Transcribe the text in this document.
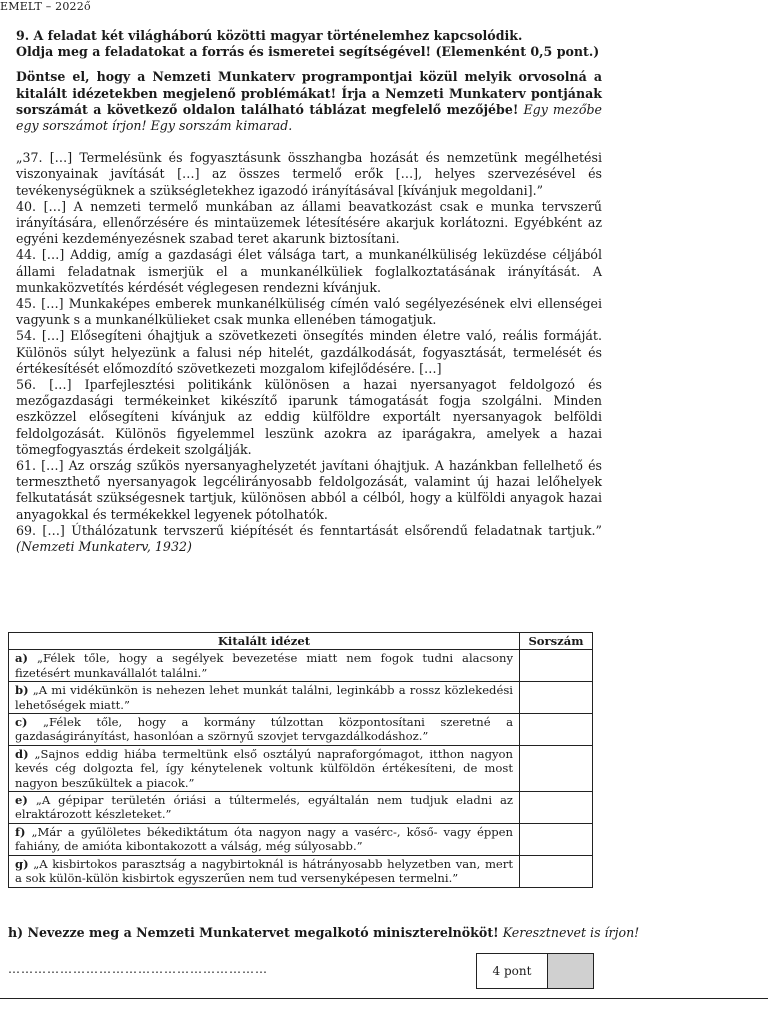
EMELT – 2022ő

9. A feladat két világháború közötti magyar történelemhez kapcsolódik.
Oldja meg a feladatokat a forrás és ismeretei segítségével! (Elemenként 0,5 pont.)

Döntse el, hogy a Nemzeti Munkaterv programpontjai közül melyik orvosolná a kitalált idézetekben megjelenő problémákat! Írja a Nemzeti Munkaterv pontjának sorszámát a következő oldalon található táblázat megfelelő mezőjébe! Egy mezőbe egy sorszámot írjon! Egy sorszám kimarad.

„37. […] Termelésünk és fogyasztásunk összhangba hozását és nemzetünk megélhetési viszonyainak javítását […] az összes termelő erők […], helyes szervezésével és tevékenységüknek a szükségletekhez igazodó irányításával [kívánjuk megoldani].”

40. […] A nemzeti termelő munkában az állami beavatkozást csak e munka tervszerű irányítására, ellenőrzésére és mintaüzemek létesítésére akarjuk korlátozni. Egyébként az egyéni kezdeményezésnek szabad teret akarunk biztosítani.

44. […] Addig, amíg a gazdasági élet válsága tart, a munkanélküliség leküzdése céljából állami feladatnak ismerjük el a munkanélküliek foglalkoztatásának irányítását. A munkaközvetítés kérdését véglegesen rendezni kívánjuk.

45. […] Munkaképes emberek munkanélküliség címén való segélyezésének elvi ellenségei vagyunk s a munkanélkülieket csak munka ellenében támogatjuk.

54. […] Elősegíteni óhajtjuk a szövetkezeti önsegítés minden életre való, reális formáját. Különös súlyt helyezünk a falusi nép hitelét, gazdálkodását, fogyasztását, termelését és értékesítését előmozdító szövetkezeti mozgalom kifejlődésére. […]

56. […] Iparfejlesztési politikánk különösen a hazai nyersanyagot feldolgozó és mezőgazdasági termékeinket kikészítő iparunk támogatását fogja szolgálni. Minden eszközzel elősegíteni kívánjuk az eddig külföldre exportált nyersanyagok belföldi feldolgozását. Különös figyelemmel leszünk azokra az iparágakra, amelyek a hazai tömegfogyasztás érdekeit szolgálják.

61. […] Az ország szűkös nyersanyaghelyzetét javítani óhajtjuk. A hazánkban fellelhető és termeszthető nyersanyagok legcélirányosabb feldolgozását, valamint új hazai lelőhelyek felkutatását szükségesnek tartjuk, különösen abból a célból, hogy a külföldi anyagok hazai anyagokkal és termékekkel legyenek pótolhatók.

69. […] Úthálózatunk tervszerű kiépítését és fenntartását elsőrendű feladatnak tartjuk.” (Nemzeti Munkaterv, 1932)

Kitalált idézet	Sorszám
a) „Félek tőle, hogy a segélyek bevezetése miatt nem fogok tudni alacsony fizetésért munkavállalót találni.”	
b) „A mi vidékünkön is nehezen lehet munkát találni, leginkább a rossz közlekedési lehetőségek miatt.”	
c) „Félek tőle, hogy a kormány túlzottan központosítani szeretné a gazdaságirányítást, hasonlóan a szörnyű szovjet tervgazdálkodáshoz.”	
d) „Sajnos eddig hiába termeltünk első osztályú napraforgómagot, itthon nagyon kevés cég dolgozta fel, így kénytelenek voltunk külföldön értékesíteni, de most nagyon beszűkültek a piacok.”	
e) „A gépipar területén óriási a túltermelés, egyáltalán nem tudjuk eladni az elraktározott készleteket.”	
f) „Már a gyűlöletes békediktátum óta nagyon nagy a vasérc-, kőső- vagy éppen fahiány, de amióta kibontakozott a válság, még súlyosabb.”	
g) „A kisbirtokos parasztság a nagybirtoknál is hátrányosabb helyzetben van, mert a sok külön-külön kisbirtok egyszerűen nem tud versenyképesen termelni.”	
h) Nevezze meg a Nemzeti Munkatervet megalkotó miniszterelnököt! Keresztnevet is írjon!
……………………………………………………	4 pont
